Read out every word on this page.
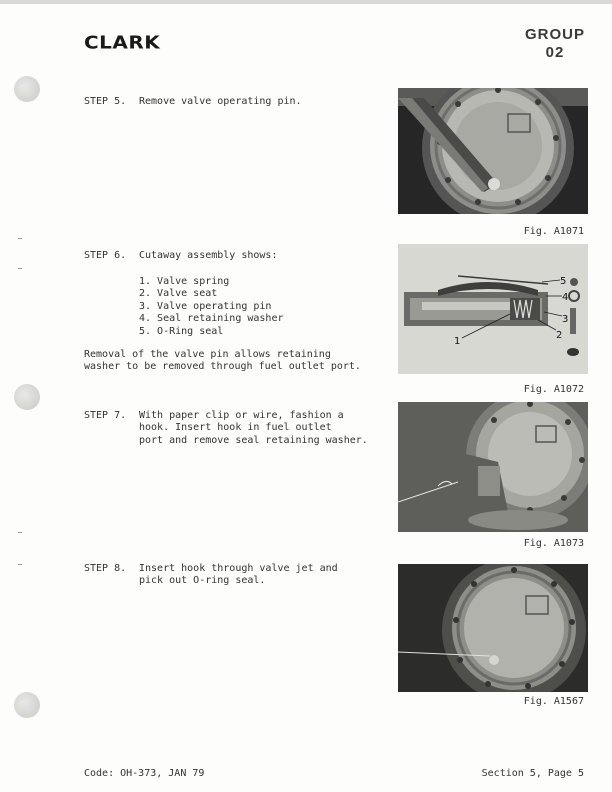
CLARK	GROUP
02
STEP 5. Remove valve operating pin.
Fig. A1071
STEP 6. Cutaway assembly shows:
1. Valve spring
2. Valve seat
3. Valve operating pin
4. Seal retaining washer
5. O-Ring seal
Removal of the valve pin allows retaining
washer to be removed through fuel outlet port.
1
2
3
4
5
Fig. A1072
STEP 7. With paper clip or wire, fashion a
hook. Insert hook in fuel outlet
port and remove seal retaining washer.
Fig. A1073
STEP 8. Insert hook through valve jet and
pick out O-ring seal.
Fig. A1567
Code: OH-373, JAN 79	Section 5, Page 5
